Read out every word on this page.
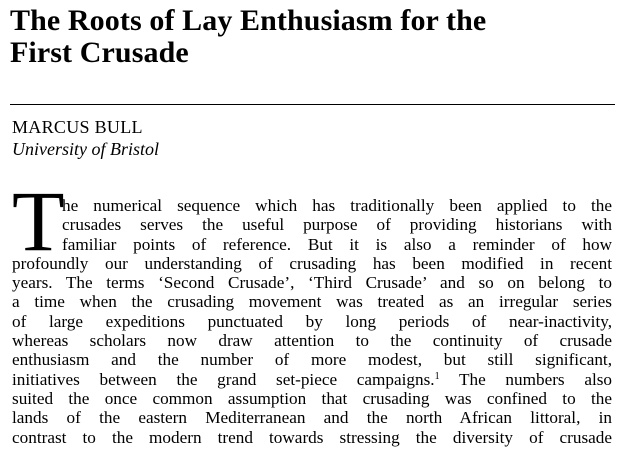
The Roots of Lay Enthusiasm for the
First Crusade
MARCUS BULL
University of Bristol
T
he numerical sequence which has traditionally been applied to the
crusades serves the useful purpose of providing historians with
familiar points of reference. But it is also a reminder of how
profoundly our understanding of crusading has been modified in recent
years. The terms ‘Second Crusade’, ‘Third Crusade’ and so on belong to
a time when the crusading movement was treated as an irregular series
of large expeditions punctuated by long periods of near-inactivity,
whereas scholars now draw attention to the continuity of crusade
enthusiasm and the number of more modest, but still significant,
initiatives between the grand set-piece campaigns.$^1$ The numbers also
suited the once common assumption that crusading was confined to the
lands of the eastern Mediterranean and the north African littoral, in
contrast to the modern trend towards stressing the diversity of crusade
